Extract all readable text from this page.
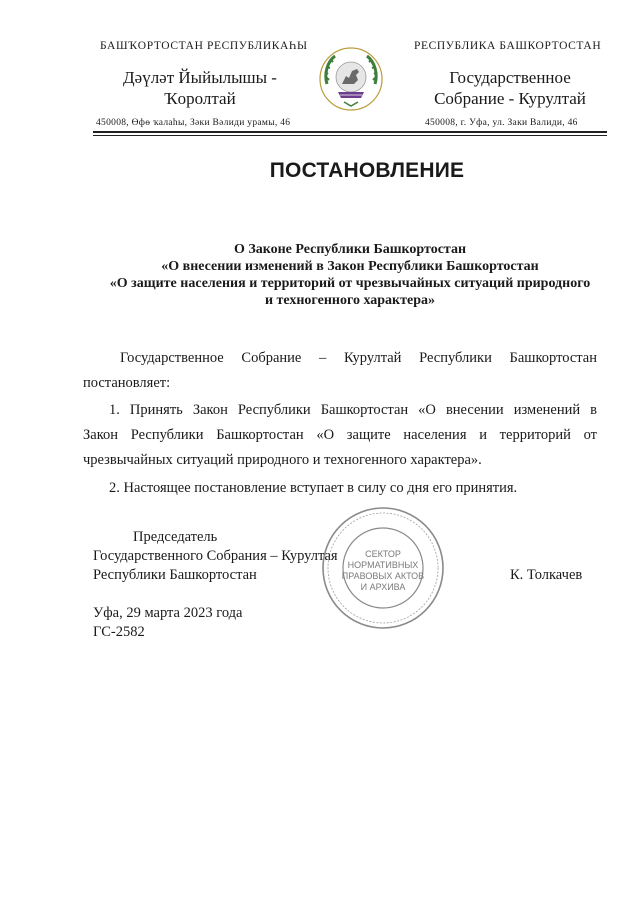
БАШҠОРТОСТАН РЕСПУБЛИКАҺЫ	РЕСПУБЛИКА БАШКОРТОСТАН
Дәүләт Йыйылышы -
Ҡоролтай
Государственное
Собрание - Курултай
450008, Өфө ҡалаһы, Зәки Вәлиди урамы, 46	450008, г. Уфа, ул. Заки Валиди, 46
ПОСТАНОВЛЕНИЕ
О Законе Республики Башкортостан
«О внесении изменений в Закон Республики Башкортостан
«О защите населения и территорий от чрезвычайных ситуаций природного
и техногенного характера»
Государственное Собрание – Курултай Республики Башкортостан
постановляет:
1. Принять Закон Республики Башкортостан «О внесении изменений в
Закон Республики Башкортостан «О защите населения и территорий от
чрезвычайных ситуаций природного и техногенного характера».
2. Настоящее постановление вступает в силу со дня его принятия.
СЕКТОР
НОРМАТИВНЫХ
ПРАВОВЫХ АКТОВ
И АРХИВА
Председатель
Государственного Собрания – Курултая
Республики Башкортостан	К. Толкачев
Уфа, 29 марта 2023 года
ГС-2582
